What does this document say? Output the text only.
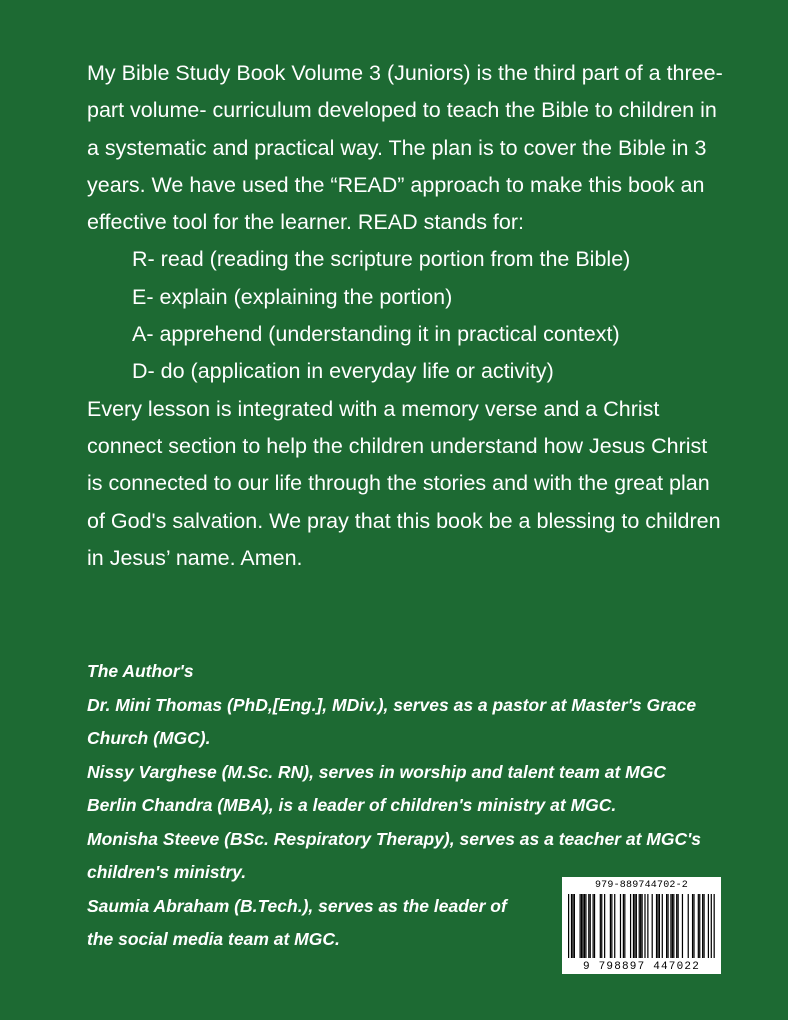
My Bible Study Book Volume 3 (Juniors) is the third part of a three-part volume- curriculum developed to teach the Bible to children in a systematic and practical way. The plan is to cover the Bible in 3 years. We have used the “READ” approach to make this book an effective tool for the learner. READ stands for:

R- read (reading the scripture portion from the Bible)

E- explain (explaining the portion)

A- apprehend (understanding it in practical context)

D- do (application in everyday life or activity)

Every lesson is integrated with a memory verse and a Christ connect section to help the children understand how Jesus Christ is connected to our life through the stories and with the great plan of God's salvation. We pray that this book be a blessing to children in Jesus’ name. Amen.

The Author's

Dr. Mini Thomas (PhD,[Eng.], MDiv.), serves as a pastor at Master's Grace Church (MGC).

Nissy Varghese (M.Sc. RN), serves in worship and talent team at MGC

Berlin Chandra (MBA), is a leader of children's ministry at MGC.

Monisha Steeve (BSc. Respiratory Therapy), serves as a teacher at MGC's children's ministry.

Saumia Abraham (B.Tech.), serves as the leader of

the social media team at MGC.

979-889744702-2
9 798897 447022
